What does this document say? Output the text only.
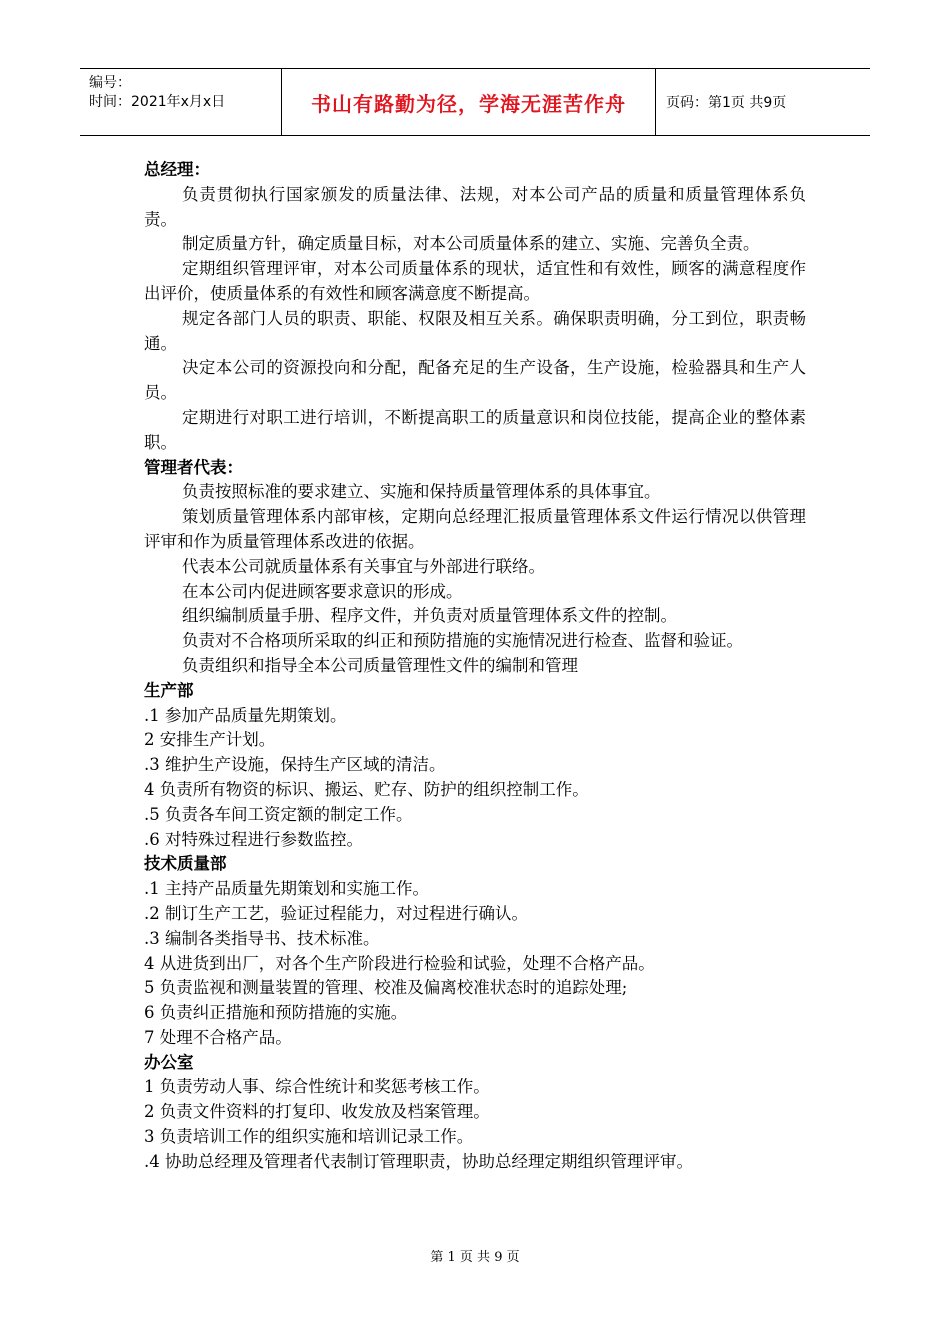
编号：
时间：2021年x月x日	书山有路勤为径，学海无涯苦作舟	页码：第1页 共9页
总经理：

负责贯彻执行国家颁发的质量法律、法规，对本公司产品的质量和质量管理体系负责。

制定质量方针，确定质量目标，对本公司质量体系的建立、实施、完善负全责。

定期组织管理评审，对本公司质量体系的现状，适宜性和有效性，顾客的满意程度作出评价，使质量体系的有效性和顾客满意度不断提高。

规定各部门人员的职责、职能、权限及相互关系。确保职责明确，分工到位，职责畅通。

决定本公司的资源投向和分配，配备充足的生产设备，生产设施，检验器具和生产人员。

定期进行对职工进行培训，不断提高职工的质量意识和岗位技能，提高企业的整体素职。

管理者代表：

负责按照标准的要求建立、实施和保持质量管理体系的具体事宜。

策划质量管理体系内部审核，定期向总经理汇报质量管理体系文件运行情况以供管理评审和作为质量管理体系改进的依据。

代表本公司就质量体系有关事宜与外部进行联络。

在本公司内促进顾客要求意识的形成。

组织编制质量手册、程序文件，并负责对质量管理体系文件的控制。

负责对不合格项所采取的纠正和预防措施的实施情况进行检查、监督和验证。

负责组织和指导全本公司质量管理性文件的编制和管理

生产部

.1 参加产品质量先期策划。

2 安排生产计划。

.3 维护生产设施，保持生产区域的清洁。

4 负责所有物资的标识、搬运、贮存、防护的组织控制工作。

.5 负责各车间工资定额的制定工作。

.6 对特殊过程进行参数监控。

技术质量部

.1 主持产品质量先期策划和实施工作。

.2 制订生产工艺，验证过程能力，对过程进行确认。

.3 编制各类指导书、技术标准。

4 从进货到出厂，对各个生产阶段进行检验和试验，处理不合格产品。

5 负责监视和测量装置的管理、校准及偏离校准状态时的追踪处理;

6 负责纠正措施和预防措施的实施。

7 处理不合格产品。

办公室

1 负责劳动人事、综合性统计和奖惩考核工作。

2 负责文件资料的打复印、收发放及档案管理。

3 负责培训工作的组织实施和培训记录工作。

.4 协助总经理及管理者代表制订管理职责，协助总经理定期组织管理评审。

第 1 页 共 9 页
